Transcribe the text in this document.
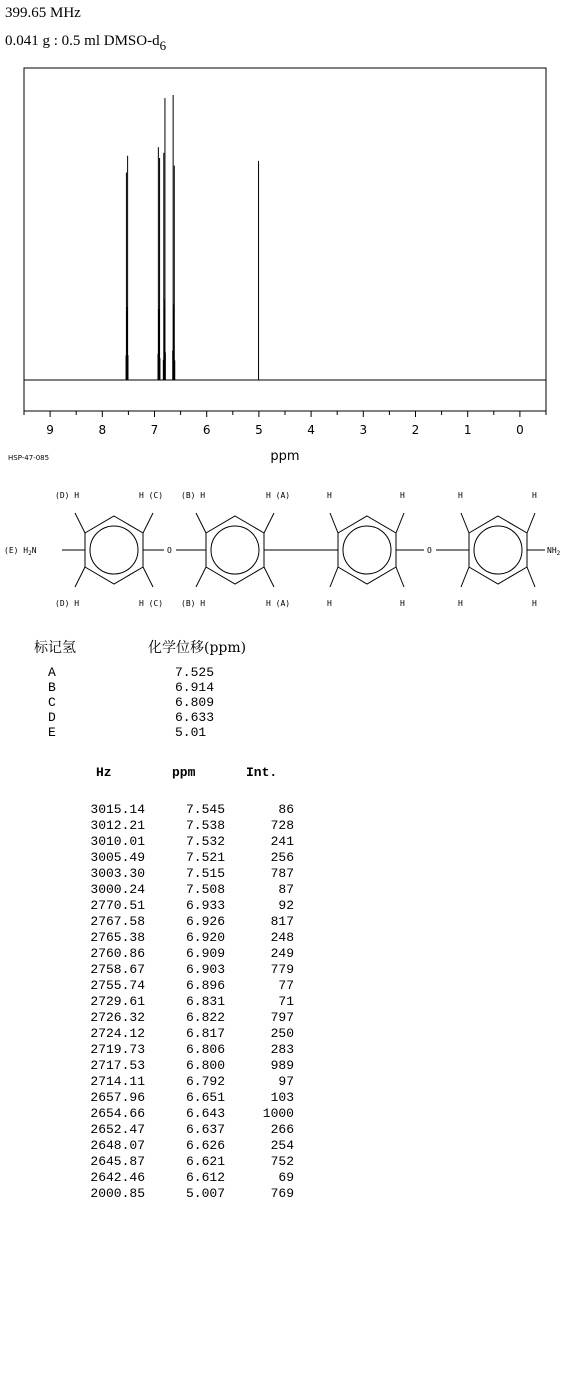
399.65 MHz
0.041 g : 0.5 ml DMSO-$d_6$
9	8	7	6	5	4	3	2	1	0
ppm
HSP-47-085
(D) H	H (C) (B) H	H (A)
(D) H	H (C) (B) H	H (A)
H	H
H	H
H	H
H	H
O	O
(E) $H_2N$	$NH_2$
标记氢	化学位移(ppm)
A	7.525
B	6.914
C	6.809
D	6.633
E	5.01
Hz	ppm	Int.
3015.14	7.545	86
3012.21	7.538	728
3010.01	7.532	241
3005.49	7.521	256
3003.30	7.515	787
3000.24	7.508	87
2770.51	6.933	92
2767.58	6.926	817
2765.38	6.920	248
2760.86	6.909	249
2758.67	6.903	779
2755.74	6.896	77
2729.61	6.831	71
2726.32	6.822	797
2724.12	6.817	250
2719.73	6.806	283
2717.53	6.800	989
2714.11	6.792	97
2657.96	6.651	103
2654.66	6.643	1000
2652.47	6.637	266
2648.07	6.626	254
2645.87	6.621	752
2642.46	6.612	69
2000.85	5.007	769
